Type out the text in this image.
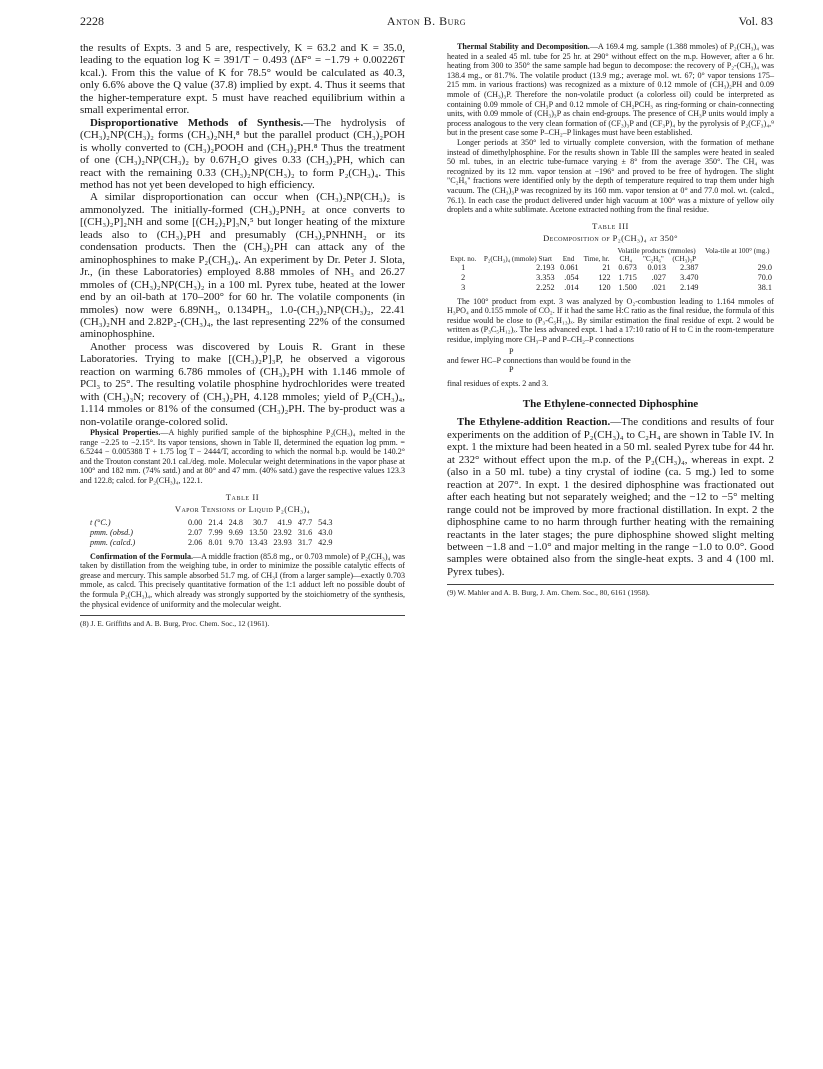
2228	Anton B. Burg	Vol. 83

the results of Expts. 3 and 5 are, respectively, K = 63.2 and K = 35.0, leading to the equation log K = 391/T − 0.493 (ΔF° = −1.79 + 0.00226T kcal.). From this the value of K for 78.5° would be calculated as 40.3, only 6.6% above the Q value (37.8) implied by expt. 4. Thus it seems that the higher-temperature expt. 5 must have reached equilibrium within a small experimental error.

Disproportionative Methods of Synthesis.—The hydrolysis of (CH₃)₂NP(CH₃)₂ forms (CH₃)₂NH,⁸ but the parallel product (CH₃)₂POH is wholly converted to (CH₃)₂POOH and (CH₃)₂PH.⁸ Thus the treatment of one (CH₃)₂NP(CH₃)₂ by 0.67H₂O gives 0.33 (CH₃)₂PH, which can react with the remaining 0.33 (CH₃)₂NP(CH₃)₂ to form P₂(CH₃)₄. This method has not yet been developed to high efficiency.

A similar disproportionation can occur when (CH₃)₂NP(CH₃)₂ is ammonolyzed. The initially-formed (CH₃)₂PNH₂ at once converts to [(CH₃)₂P]₂NH and some [(CH₂)₂P]₃N,⁵ but longer heating of the mixture leads also to (CH₃)₂PH and presumably (CH₃)₂PNHNH₂ or its condensation products. Then the (CH₃)₂PH can attack any of the aminophosphines to make P₂(CH₃)₄. An experiment by Dr. Peter J. Slota, Jr., (in these Laboratories) employed 8.88 mmoles of NH₃ and 26.27 mmoles of (CH₃)₂NP(CH₃)₂ in a 100 ml. Pyrex tube, heated at the lower end by an oil-bath at 170–200° for 60 hr. The volatile components (in mmoles) now were 6.89NH₃, 0.134PH₃, 1.0-(CH₃)₂NP(CH₃)₂, 22.41 (CH₃)₂NH and 2.82P₂-(CH₃)₄, the last representing 22% of the consumed aminophosphine.

Another process was discovered by Louis R. Grant in these Laboratories. Trying to make [(CH₃)₂P]₃P, he observed a vigorous reaction on warming 6.786 mmoles of (CH₃)₂PH with 1.146 mmole of PCl₃ to 25°. The resulting volatile phosphine hydrochlorides were treated with (CH₃)₃N; recovery of (CH₃)₂PH, 4.128 mmoles; yield of P₂(CH₃)₄, 1.114 mmoles or 81% of the consumed (CH₃)₂PH. The by-product was a non-volatile orange-colored solid.

Physical Properties.—A highly purified sample of the biphosphine P₂(CH₃)₄ melted in the range −2.25 to −2.15°. Its vapor tensions, shown in Table II, determined the equation log pmm. = 6.5244 − 0.005388 T + 1.75 log T − 2444/T, according to which the normal b.p. would be 140.2° and the Trouton constant 20.1 cal./deg. mole. Molecular weight determinations in the vapor phase at 100° and 182 mm. (74% satd.) and at 80° and 47 mm. (40% satd.) gave the respective values 123.3 and 122.8; calcd. for P₂(CH₃)₄, 122.1.

Table II
Vapor Tensions of Liquid P₂(CH₃)₄
t (°C.)	0.00	21.4	24.8	30.7	41.9	47.7	54.3
pmm. (obsd.)	2.07	7.99	9.69	13.50	23.92	31.6	43.0
pmm. (calcd.)	2.06	8.01	9.70	13.43	23.93	31.7	42.9

Confirmation of the Formula.—A middle fraction (85.8 mg., or 0.703 mmole) of P₂(CH₃)₄ was taken by distillation from the weighing tube, in order to minimize the possible catalytic effects of grease and mercury. This sample absorbed 51.7 mg. of CH₃I (from a larger sample)—exactly 0.703 mmole, as calcd. This precisely quantitative formation of the 1:1 adduct left no possible doubt of the formula P₂(CH₃)₄, which already was strongly supported by the stoichiometry of the synthesis, the physical evidence of uniformity and the molecular weight.

(8) J. E. Griffiths and A. B. Burg, Proc. Chem. Soc., 12 (1961).

Thermal Stability and Decomposition.—A 169.4 mg. sample (1.388 mmoles) of P₂(CH₃)₄ was heated in a sealed 45 ml. tube for 25 hr. at 290° without effect on the m.p. However, after a 6 hr. heating from 300 to 350° the same sample had begun to decompose: the recovery of P₂-(CH₃)₄ was 138.4 mg., or 81.7%. The volatile product (13.9 mg.; average mol. wt. 67; 0° vapor tensions 175–215 mm. in various fractions) was recognized as a mixture of 0.12 mmole of (CH₃)₂PH and 0.09 mmole of (CH₃)₃P. Therefore the non-volatile product (a colorless oil) could be interpreted as containing 0.09 mmole of CH₃P and 0.12 mmole of CH₂PCH₃ as ring-forming or chain-connecting units, with 0.09 mmole of (CH₃)₃P as chain end-groups. The presence of CH₃P units would imply a process analogous to the very clean formation of (CF₃)₃P and (CF₃P)₄ by the pyrolysis of P₂(CF₃)₄,⁹ but in the present case some P–CH₂–P linkages must have been established.

Longer periods at 350° led to virtually complete conversion, with the formation of methane instead of dimethylphosphine. For the results shown in Table III the samples were heated in sealed 50 ml. tubes, in an electric tube-furnace varying ± 8° from the average 350°. The CH₄ was recognized by its 12 mm. vapor tension at −196° and proved to be free of hydrogen. The slight "C₂H₆" fractions were identified only by the depth of temperature required to trap them under high vacuum. The (CH₃)₃P was recognized by its 160 mm. vapor tension at 0° and 77.0 mol. wt. (calcd., 76.1). In each case the product delivered under high vacuum at 100° was a mixture of yellow oily droplets and a white sublimate. Acetone extracted nothing from the final residue.

Table III
Decomposition of P₂(CH₃)₄ at 350°
				Volatile products (mmoles)			Vola-tile at 100° (mg.)
Expt. no.	P₂(CH₃)₄ (mmole) Start	End	Time, hr.	CH₄	"C₂H₆"	(CH₃)₃P	
1	2.193	0.061	21	0.673	0.013	2.387	29.0
2	3.353	.054	122	1.715	.027	3.470	70.0
3	2.252	.014	120	1.500	.021	2.149	38.1

The 100° product from expt. 3 was analyzed by O₂-combustion leading to 1.164 mmoles of H₃PO₄ and 0.155 mmole of CO₂. If it had the same H:C ratio as the final residue, the formula of this residue would be close to (P₃-C₅H₁₃)ₓ. By similar estimation the final residue of expt. 2 would be written as (P₃C₅H₁₂)ₓ. The less advanced expt. 1 had a 17:10 ratio of H to C in the room-temperature residue, implying more CH₃–P and P–CH₂–P connections

P
and fewer HC–P connections than would be found in the
P

final residues of expts. 2 and 3.

The Ethylene-connected Diphosphine

The Ethylene-addition Reaction.—The conditions and results of four experiments on the addition of P₂(CH₃)₄ to C₂H₄ are shown in Table IV. In expt. 1 the mixture had been heated in a 50 ml. sealed Pyrex tube for 44 hr. at 232° without effect upon the m.p. of the P₂(CH₃)₄, whereas in expt. 2 (also in a 50 ml. tube) a tiny crystal of iodine (ca. 5 mg.) led to some reaction at 207°. In expt. 1 the desired diphosphine was fractionated out after each heating but not separately weighed; and the −12 to −5° melting range could not be improved by more fractional distillation. In expt. 2 the diphosphine came to no harm through further heating with the remaining reactants in the later stages; the pure diphosphine showed slight melting between −1.8 and −1.0° and major melting in the range −1.0 to 0.0°. Good samples were obtained also from the single-heat expts. 3 and 4 (100 ml. Pyrex tubes).

(9) W. Mahler and A. B. Burg, J. Am. Chem. Soc., 80, 6161 (1958).
